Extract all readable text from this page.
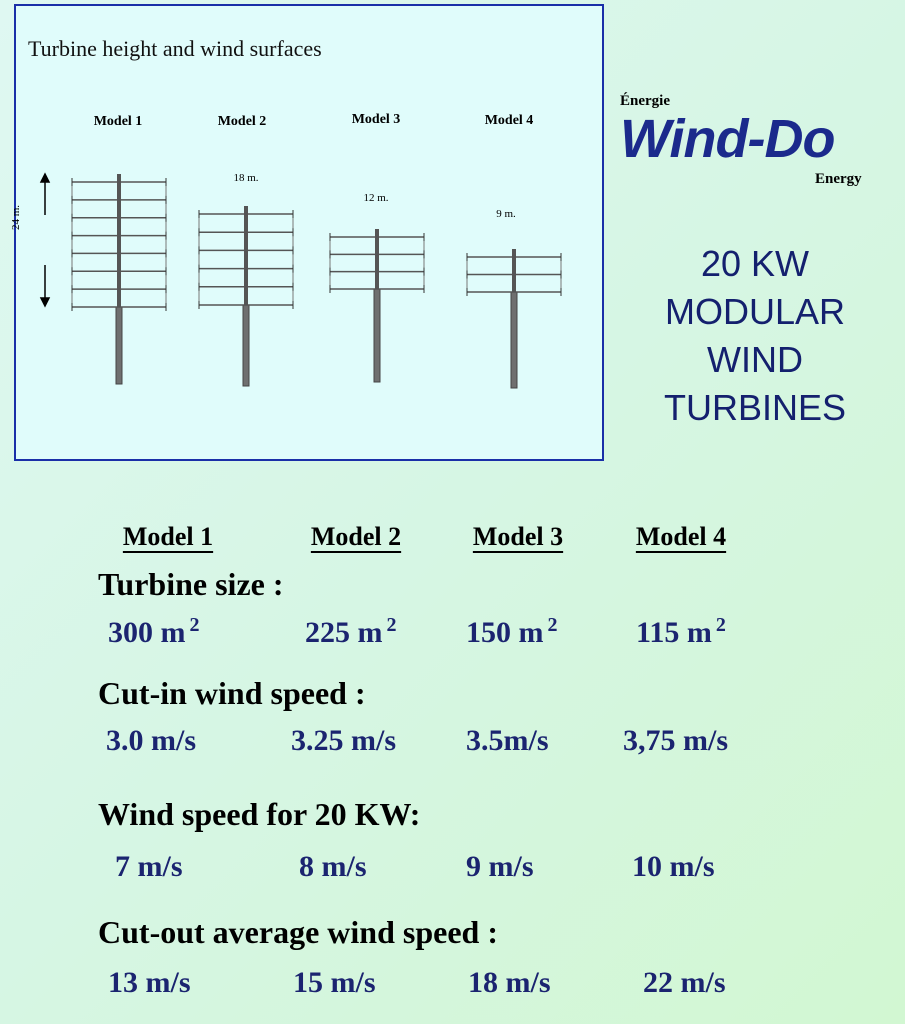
Turbine height and wind surfaces
Model 1	Model 2	Model 3	Model 4
24 m.
18 m.
12 m.
9 m.
Énergie
Wind-Do
Energy
20 KW
MODULAR
WIND
TURBINES
Model 1	Model 2	Model 3	Model 4
Turbine size :
300 m $^2$	225 m $^2$ 150 m $^2$	115 m $^2$
Cut-in wind speed :
3.0 m/s	3.25 m/s 3.5m/s 3,75 m/s
Wind speed for 20 KW:
7 m/s	8 m/s	9 m/s	10 m/s
Cut-out average wind speed :
13 m/s	15 m/s	18 m/s	22 m/s
